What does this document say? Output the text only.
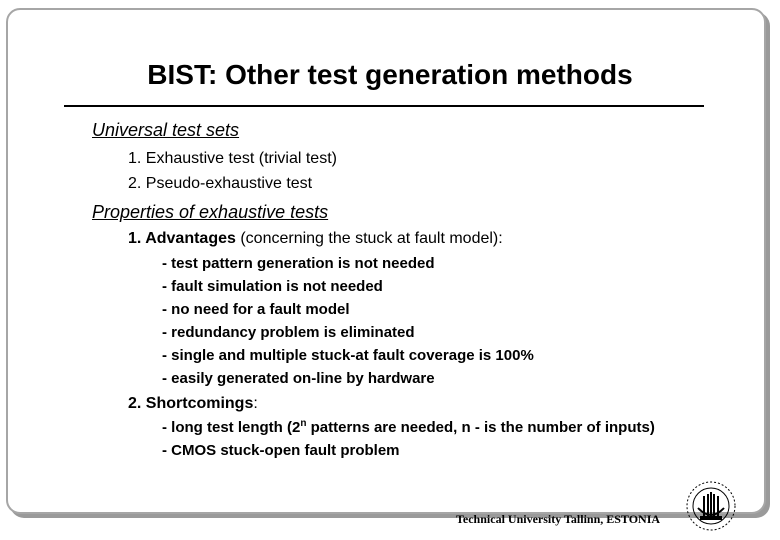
BIST: Other test generation methods
Universal test sets
1. Exhaustive test (trivial test)
2. Pseudo-exhaustive test
Properties of exhaustive tests
1. Advantages (concerning the stuck at fault model):
- test pattern generation is not needed
- fault simulation is not needed
- no need for a fault model
- redundancy problem is eliminated
- single and multiple stuck-at fault coverage is 100%
- easily generated on-line by hardware
2. Shortcomings:
- long test length (2$^n$ patterns are needed, n - is the number of inputs)
- CMOS stuck-open fault problem
Technical University Tallinn, ESTONIA
